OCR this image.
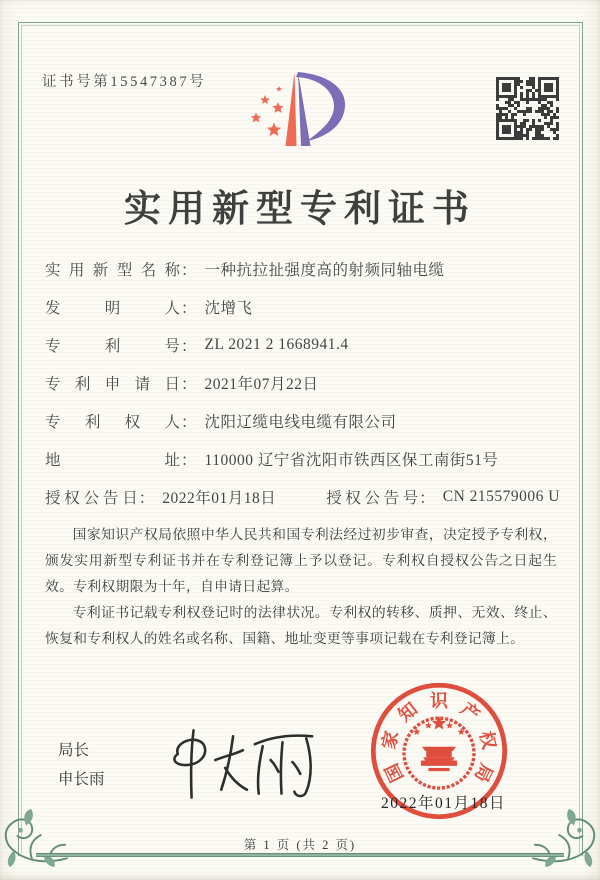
证书号第15547387号
实用新型专利证书
实用新型名称 ： 一种抗拉扯强度高的射频同轴电缆
发明人 ： 沈增飞
专利号 ： ZL 2021 2 1668941.4
专利申请日 ： 2021年07月22日
专利权人 ： 沈阳辽缆电线电缆有限公司
地址 ： 110000 辽宁省沈阳市铁西区保工南街51号
授权公告日 ： 2022年01月18日	授权公告号 ： CN 215579006 U

国家知识产权局依照中华人民共和国专利法经过初步审查，决定授予专利权，颁发实用新型专利证书并在专利登记簿上予以登记。专利权自授权公告之日起生效。专利权期限为十年，自申请日起算。

专利证书记载专利权登记时的法律状况。专利权的转移、质押、无效、终止、恢复和专利权人的姓名或名称、国籍、地址变更等事项记载在专利登记簿上。

局长
申长雨	国
家
知 识 产
权
局
2022年01月18日
第 1 页 (共 2 页)
